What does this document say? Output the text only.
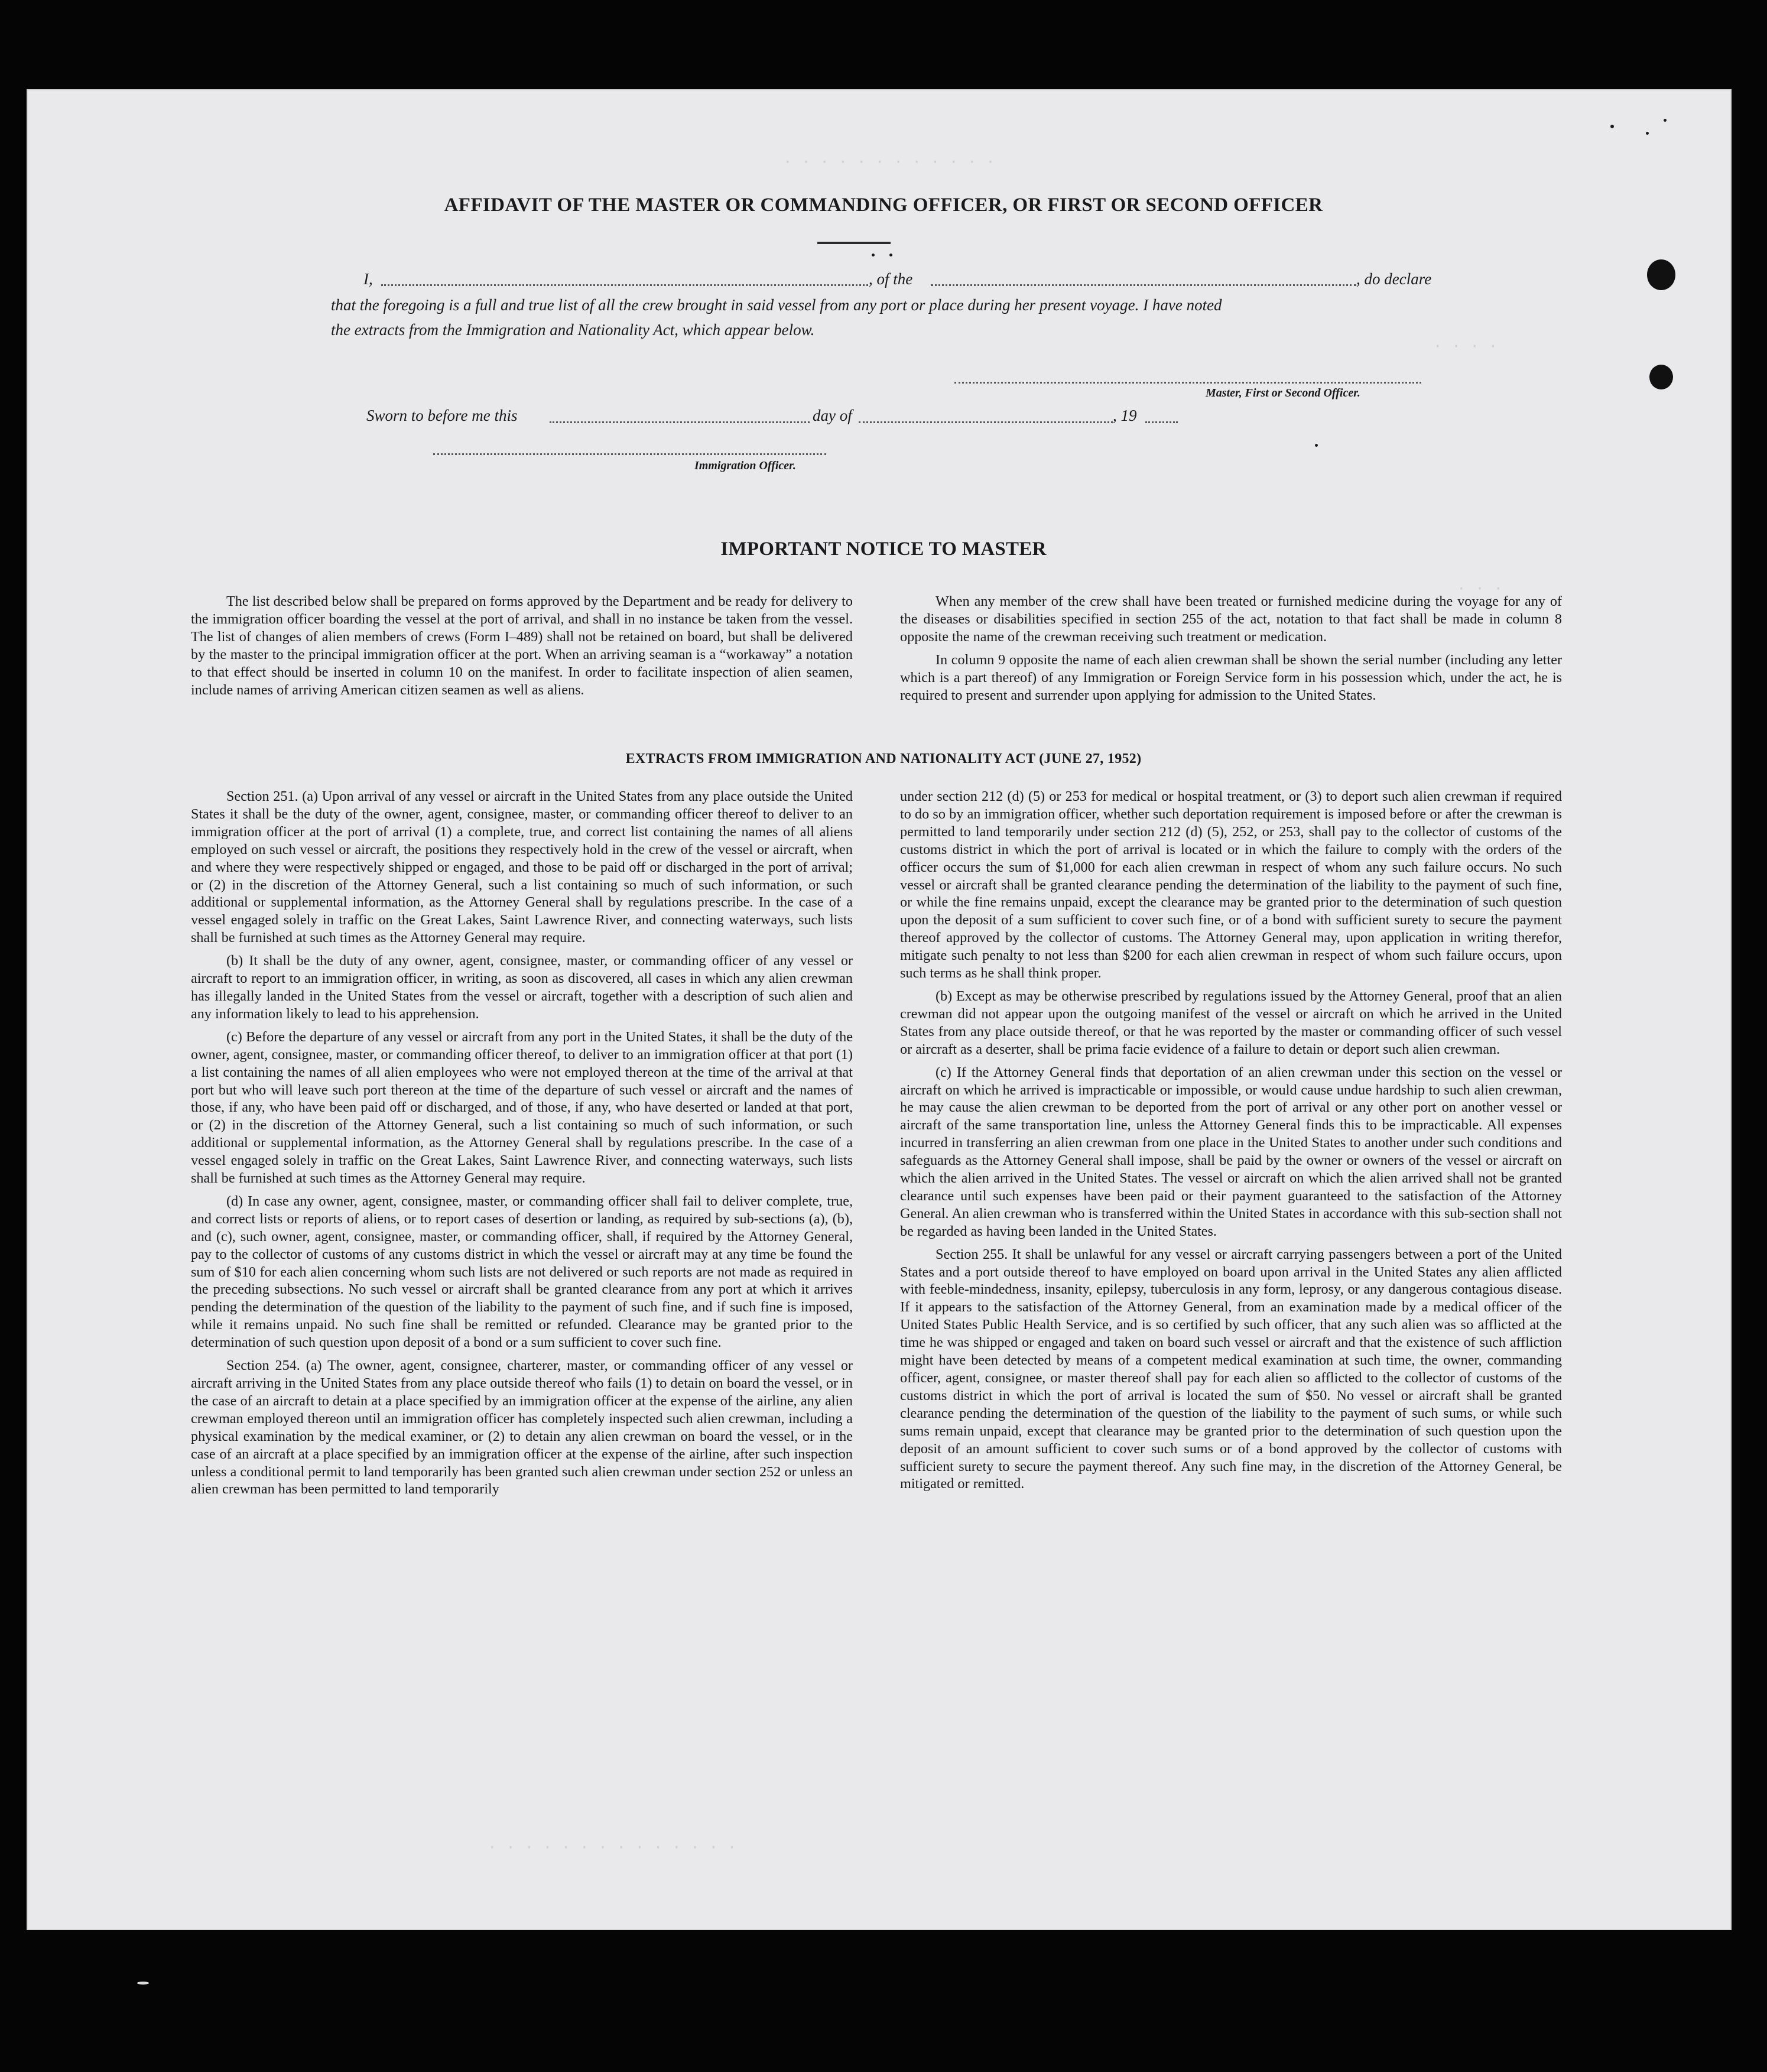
· · · · · · · · · · · ·
· · · ·
· · ·
AFFIDAVIT OF THE MASTER OR COMMANDING OFFICER, OR FIRST OR SECOND OFFICER
I,	, of the	, do declare
that the foregoing is a full and true list of all the crew brought in said vessel from any port or place during her present voyage. I have noted
the extracts from the Immigration and Nationality Act, which appear below.
Master, First or Second Officer.
Sworn to before me this	day of	, 19
Immigration Officer.
IMPORTANT NOTICE TO MASTER

The list described below shall be prepared on forms approved by the Department and be ready for delivery to the immigration officer boarding the vessel at the port of arrival, and shall in no instance be taken from the vessel. The list of changes of alien members of crews (Form I–489) shall not be retained on board, but shall be delivered by the master to the principal immigration officer at the port. When an arriving seaman is a “workaway” a notation to that effect should be inserted in column 10 on the manifest. In order to facilitate inspection of alien seamen, include names of arriving American citizen seamen as well as aliens.

When any member of the crew shall have been treated or furnished medicine during the voyage for any of the diseases or disabilities specified in section 255 of the act, notation to that fact shall be made in column 8 opposite the name of the crewman receiving such treatment or medication.

In column 9 opposite the name of each alien crewman shall be shown the serial number (including any letter which is a part thereof) of any Immigration or Foreign Service form in his possession which, under the act, he is required to present and surrender upon applying for admission to the United States.

EXTRACTS FROM IMMIGRATION AND NATIONALITY ACT (JUNE 27, 1952)

Section 251. (a) Upon arrival of any vessel or aircraft in the United States from any place outside the United States it shall be the duty of the owner, agent, consignee, master, or commanding officer thereof to deliver to an immigration officer at the port of arrival (1) a complete, true, and correct list containing the names of all aliens employed on such vessel or aircraft, the positions they respectively hold in the crew of the vessel or aircraft, when and where they were respectively shipped or engaged, and those to be paid off or discharged in the port of arrival; or (2) in the discretion of the Attorney General, such a list containing so much of such information, or such additional or supplemental information, as the Attorney General shall by regulations prescribe. In the case of a vessel engaged solely in traffic on the Great Lakes, Saint Lawrence River, and connecting waterways, such lists shall be furnished at such times as the Attorney General may require.

(b) It shall be the duty of any owner, agent, consignee, master, or commanding officer of any vessel or aircraft to report to an immigration officer, in writing, as soon as discovered, all cases in which any alien crewman has illegally landed in the United States from the vessel or aircraft, together with a description of such alien and any information likely to lead to his apprehension.

(c) Before the departure of any vessel or aircraft from any port in the United States, it shall be the duty of the owner, agent, consignee, master, or commanding officer thereof, to deliver to an immigration officer at that port (1) a list containing the names of all alien employees who were not employed thereon at the time of the arrival at that port but who will leave such port thereon at the time of the departure of such vessel or aircraft and the names of those, if any, who have been paid off or discharged, and of those, if any, who have deserted or landed at that port, or (2) in the discretion of the Attorney General, such a list containing so much of such information, or such additional or supplemental information, as the Attorney General shall by regulations prescribe. In the case of a vessel engaged solely in traffic on the Great Lakes, Saint Lawrence River, and connecting waterways, such lists shall be furnished at such times as the Attorney General may require.

(d) In case any owner, agent, consignee, master, or commanding officer shall fail to deliver complete, true, and correct lists or reports of aliens, or to report cases of desertion or landing, as required by sub-sections (a), (b), and (c), such owner, agent, consignee, master, or commanding officer, shall, if required by the Attorney General, pay to the collector of customs of any customs district in which the vessel or aircraft may at any time be found the sum of $10 for each alien concerning whom such lists are not delivered or such reports are not made as required in the preceding subsections. No such vessel or aircraft shall be granted clearance from any port at which it arrives pending the determination of the question of the liability to the payment of such fine, and if such fine is imposed, while it remains unpaid. No such fine shall be remitted or refunded. Clearance may be granted prior to the determination of such question upon deposit of a bond or a sum sufficient to cover such fine.

Section 254. (a) The owner, agent, consignee, charterer, master, or commanding officer of any vessel or aircraft arriving in the United States from any place outside thereof who fails (1) to detain on board the vessel, or in the case of an aircraft to detain at a place specified by an immigration officer at the expense of the airline, any alien crewman employed thereon until an immigration officer has completely inspected such alien crewman, including a physical examination by the medical examiner, or (2) to detain any alien crewman on board the vessel, or in the case of an aircraft at a place specified by an immigration officer at the expense of the airline, after such inspection unless a conditional permit to land temporarily has been granted such alien crewman under section 252 or unless an alien crewman has been permitted to land temporarily

under section 212 (d) (5) or 253 for medical or hospital treatment, or (3) to deport such alien crewman if required to do so by an immigration officer, whether such deportation requirement is imposed before or after the crewman is permitted to land temporarily under section 212 (d) (5), 252, or 253, shall pay to the collector of customs of the customs district in which the port of arrival is located or in which the failure to comply with the orders of the officer occurs the sum of $1,000 for each alien crewman in respect of whom any such failure occurs. No such vessel or aircraft shall be granted clearance pending the determination of the liability to the payment of such fine, or while the fine remains unpaid, except the clearance may be granted prior to the determination of such question upon the deposit of a sum sufficient to cover such fine, or of a bond with sufficient surety to secure the payment thereof approved by the collector of customs. The Attorney General may, upon application in writing therefor, mitigate such penalty to not less than $200 for each alien crewman in respect of whom such failure occurs, upon such terms as he shall think proper.

(b) Except as may be otherwise prescribed by regulations issued by the Attorney General, proof that an alien crewman did not appear upon the outgoing manifest of the vessel or aircraft on which he arrived in the United States from any place outside thereof, or that he was reported by the master or commanding officer of such vessel or aircraft as a deserter, shall be prima facie evidence of a failure to detain or deport such alien crewman.

(c) If the Attorney General finds that deportation of an alien crewman under this section on the vessel or aircraft on which he arrived is impracticable or impossible, or would cause undue hardship to such alien crewman, he may cause the alien crewman to be deported from the port of arrival or any other port on another vessel or aircraft of the same transportation line, unless the Attorney General finds this to be impracticable. All expenses incurred in transferring an alien crewman from one place in the United States to another under such conditions and safeguards as the Attorney General shall impose, shall be paid by the owner or owners of the vessel or aircraft on which the alien arrived in the United States. The vessel or aircraft on which the alien arrived shall not be granted clearance until such expenses have been paid or their payment guaranteed to the satisfaction of the Attorney General. An alien crewman who is transferred within the United States in accordance with this sub-section shall not be regarded as having been landed in the United States.

Section 255. It shall be unlawful for any vessel or aircraft carrying passengers between a port of the United States and a port outside thereof to have employed on board upon arrival in the United States any alien afflicted with feeble-mindedness, insanity, epilepsy, tuberculosis in any form, leprosy, or any dangerous contagious disease. If it appears to the satisfaction of the Attorney General, from an examination made by a medical officer of the United States Public Health Service, and is so certified by such officer, that any such alien was so afflicted at the time he was shipped or engaged and taken on board such vessel or aircraft and that the existence of such affliction might have been detected by means of a competent medical examination at such time, the owner, commanding officer, agent, consignee, or master thereof shall pay for each alien so afflicted to the collector of customs of the customs district in which the port of arrival is located the sum of $50. No vessel or aircraft shall be granted clearance pending the determination of the question of the liability to the payment of such sums, or while such sums remain unpaid, except that clearance may be granted prior to the determination of such question upon the deposit of an amount sufficient to cover such sums or of a bond approved by the collector of customs with sufficient surety to secure the payment thereof. Any such fine may, in the discretion of the Attorney General, be mitigated or remitted.

· · · · · · · · · · · · · ·
